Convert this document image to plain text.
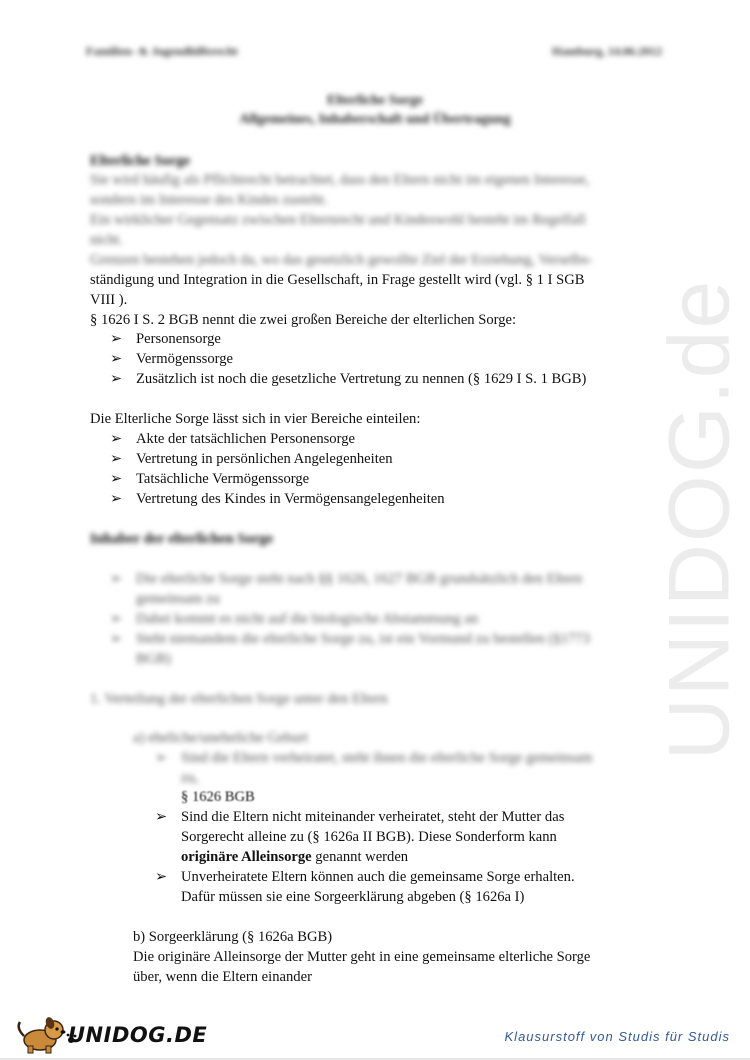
Familien- & Jugendhilferecht	Hamburg, 14.06.2012
UNIDOG.de
Elterliche Sorge
Allgemeines, Inhaberschaft und Übertragung
Elterliche Sorge
Sie wird häufig als Pflichtrecht betrachtet, dass den Eltern nicht im eigenen Interesse,
sondern im Interesse des Kindes zusteht.
Ein wirklicher Gegensatz zwischen Elternrecht und Kindeswohl besteht im Regelfall
nicht.
Grenzen bestehen jedoch da, wo das gesetzlich gewollte Ziel der Erziehung, Verselbs-
ständigung und Integration in die Gesellschaft, in Frage gestellt wird (vgl. § 1 I SGB
VIII ).
§ 1626 I S. 2 BGB nennt die zwei großen Bereiche der elterlichen Sorge:
➢ Personensorge
➢ Vermögenssorge
➢ Zusätzlich ist noch die gesetzliche Vertretung zu nennen (§ 1629 I S. 1 BGB)
Die Elterliche Sorge lässt sich in vier Bereiche einteilen:
➢ Akte der tatsächlichen Personensorge
➢ Vertretung in persönlichen Angelegenheiten
➢ Tatsächliche Vermögenssorge
➢ Vertretung des Kindes in Vermögensangelegenheiten
Inhaber der elterlichen Sorge
➢ Die elterliche Sorge steht nach §§ 1626, 1627 BGB grundsätzlich den Eltern
gemeinsam zu
➢ Dabei kommt es nicht auf die biologische Abstammung an
➢ Steht niemandem die elterliche Sorge zu, ist ein Vormund zu bestellen (§1773
BGB)
1. Verteilung der elterlichen Sorge unter den Eltern
a) eheliche/uneheliche Geburt
➢ Sind die Eltern verheiratet, steht ihnen die elterliche Sorge gemeinsam
zu,
§ 1626 BGB
➢ Sind die Eltern nicht miteinander verheiratet, steht der Mutter das
Sorgerecht alleine zu (§ 1626a II BGB). Diese Sonderform kann
originäre Alleinsorge genannt werden
➢ Unverheiratete Eltern können auch die gemeinsame Sorge erhalten.
Dafür müssen sie eine Sorgeerklärung abgeben (§ 1626a I)
b) Sorgeerklärung (§ 1626a BGB)
Die originäre Alleinsorge der Mutter geht in eine gemeinsame elterliche Sorge
über, wenn die Eltern einander
UNIDOG.DE	Klausurstoff von Studis für Studis
